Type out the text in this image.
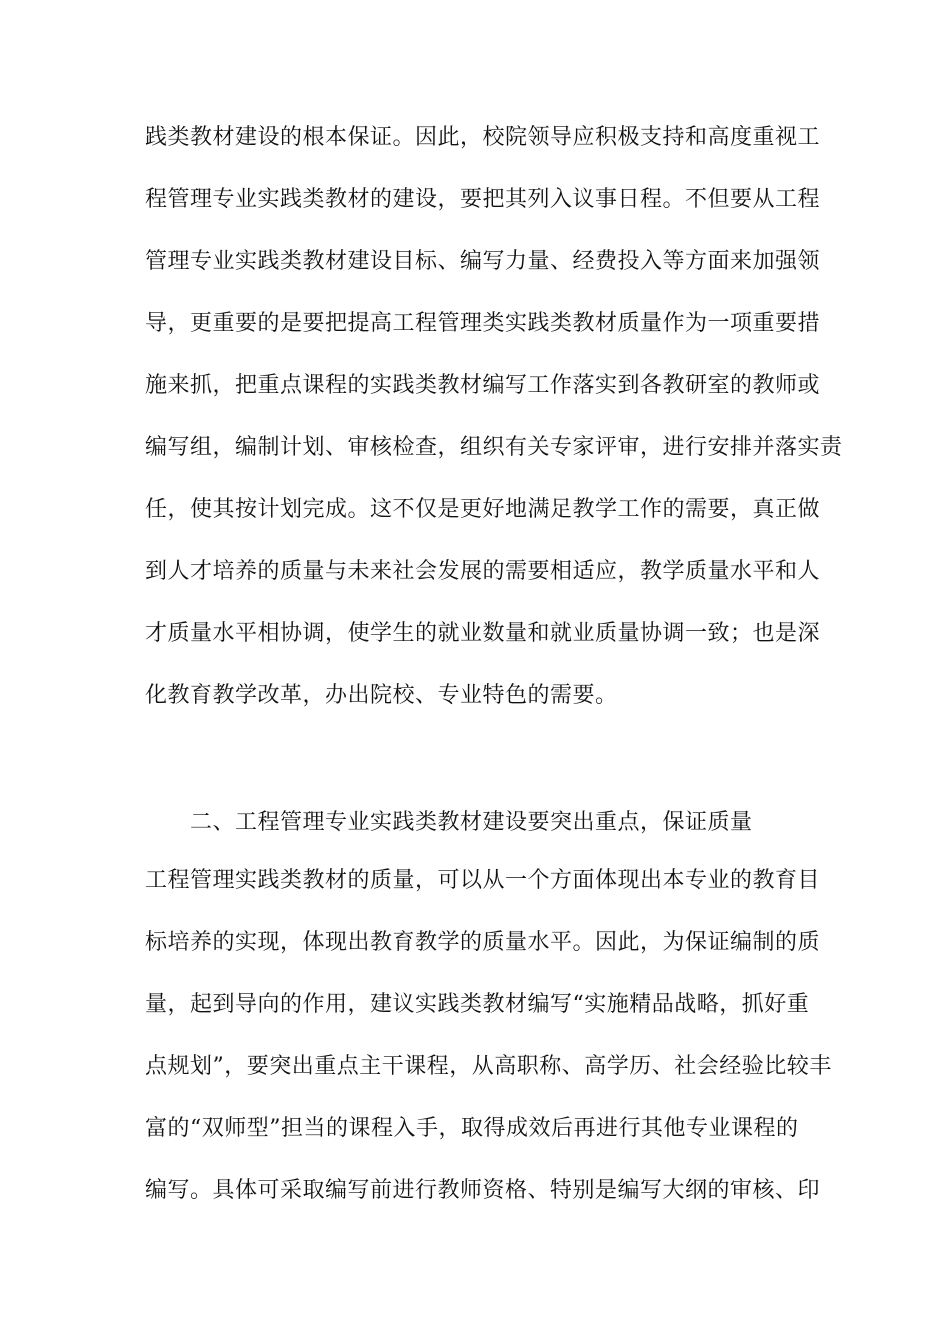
践类教材建设的根本保证。因此，校院领导应积极支持和高度重视工
程管理专业实践类教材的建设，要把其列入议事日程。不但要从工程
管理专业实践类教材建设目标、编写力量、经费投入等方面来加强领
导，更重要的是要把提高工程管理类实践类教材质量作为一项重要措
施来抓，把重点课程的实践类教材编写工作落实到各教研室的教师或
编写组，编制计划、审核检查，组织有关专家评审，进行安排并落实责
任，使其按计划完成。这不仅是更好地满足教学工作的需要，真正做
到人才培养的质量与未来社会发展的需要相适应，教学质量水平和人
才质量水平相协调，使学生的就业数量和就业质量协调一致；也是深
化教育教学改革，办出院校、专业特色的需要。
二、工程管理专业实践类教材建设要突出重点，保证质量
工程管理实践类教材的质量，可以从一个方面体现出本专业的教育目
标培养的实现，体现出教育教学的质量水平。因此，为保证编制的质
量，起到导向的作用，建议实践类教材编写“实施精品战略，抓好重
点规划”，要突出重点主干课程，从高职称、高学历、社会经验比较丰
富的“双师型”担当的课程入手，取得成效后再进行其他专业课程的
编写。具体可采取编写前进行教师资格、特别是编写大纲的审核、印
